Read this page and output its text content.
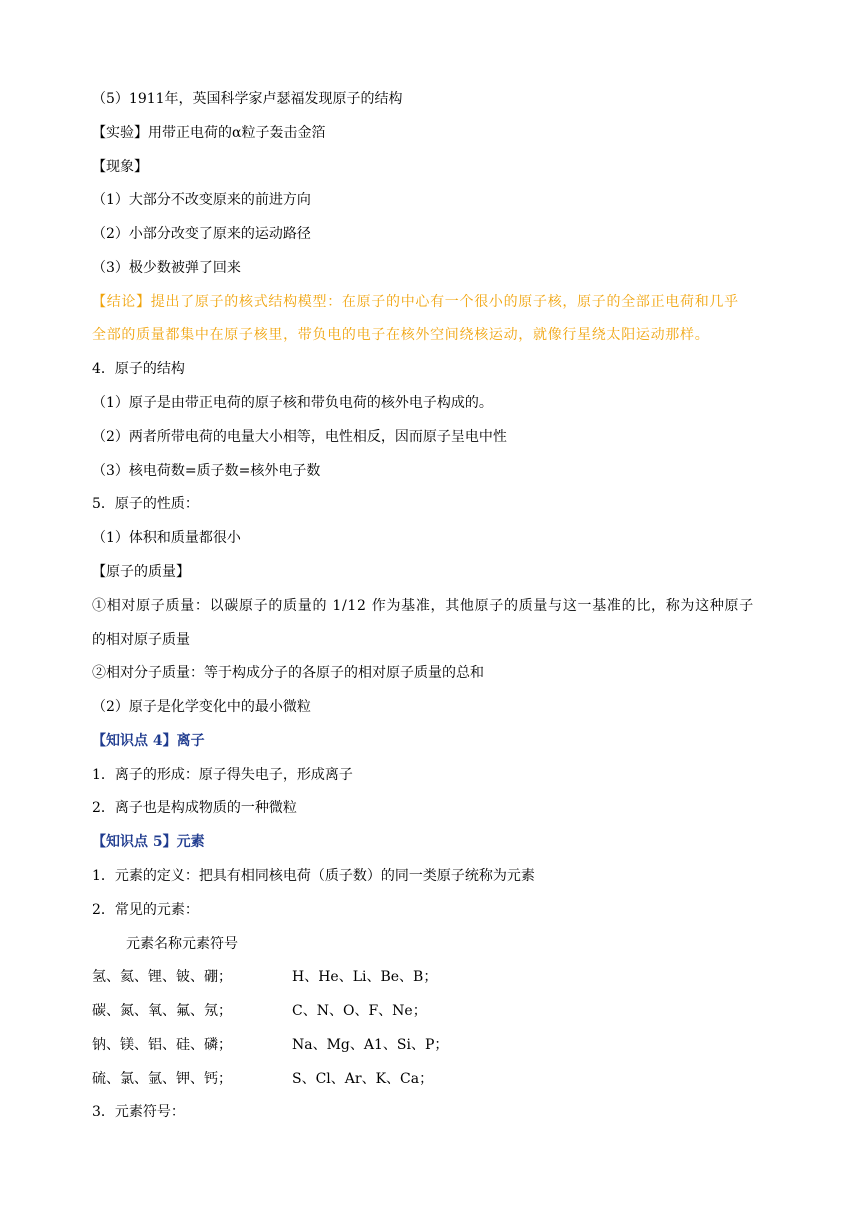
（5）1911年，英国科学家卢瑟福发现原子的结构
【实验】用带正电荷的α粒子轰击金箔
【现象】
（1）大部分不改变原来的前进方向
（2）小部分改变了原来的运动路径
（3）极少数被弹了回来
【结论】提出了原子的核式结构模型：在原子的中心有一个很小的原子核，原子的全部正电荷和几乎
全部的质量都集中在原子核里，带负电的电子在核外空间绕核运动，就像行星绕太阳运动那样。
4．原子的结构
（1）原子是由带正电荷的原子核和带负电荷的核外电子构成的。
（2）两者所带电荷的电量大小相等，电性相反，因而原子呈电中性
（3）核电荷数=质子数=核外电子数
5．原子的性质：
（1）体积和质量都很小
【原子的质量】
①相对原子质量：以碳原子的质量的 1/12 作为基准，其他原子的质量与这一基准的比，称为这种原子
的相对原子质量
②相对分子质量：等于构成分子的各原子的相对原子质量的总和
（2）原子是化学变化中的最小微粒
【知识点 4】离子
1．离子的形成：原子得失电子，形成离子
2．离子也是构成物质的一种微粒
【知识点 5】元素
1．元素的定义：把具有相同核电荷（质子数）的同一类原子统称为元素
2．常见的元素：
元素名称元素符号
氢、氦、锂、铍、硼；	H、He、Li、Be、B；
碳、氮、氧、氟、氖；	C、N、O、F、Ne；
钠、镁、铝、硅、磷；	Na、Mg、A1、Si、P；
硫、氯、氩、钾、钙；	S、Cl、Ar、K、Ca；
3．元素符号：
